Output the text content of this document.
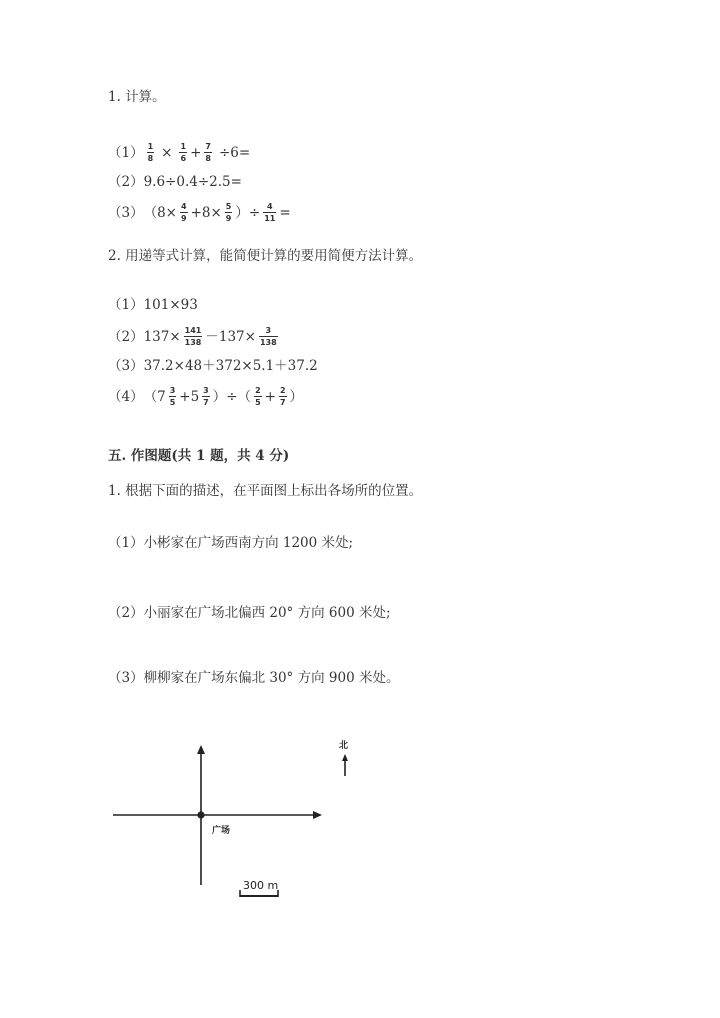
1. 计算。
$(1) \frac{1}{8} \times \frac{1}{6} + \frac{7}{8} \div 6=$
（2）9.6÷0.4÷2.5=
（3） （$8\times \frac{4}{9} +8\times \frac{5}{9}$ ）÷ $\frac{4}{11}$ =
2. 用递等式计算，能简便计算的要用简便方法计算。
（1）101×93
$(2)137\times \frac{141}{138} -137\times \frac{3}{138}$
（3）37.2×48＋372×5.1＋37.2
（4） （$7 \frac{3}{5} +5 \frac{3}{7}$ ）÷（ $\frac{2}{5} + \frac{2}{7}$ ）
五. 作图题(共 1 题，共 4 分)
1. 根据下面的描述，在平面图上标出各场所的位置。
（1）小彬家在广场西南方向 1200 米处;
（2）小丽家在广场北偏西 20° 方向 600 米处;
（3）柳柳家在广场东偏北 30° 方向 900 米处。
北
广场
300 m
